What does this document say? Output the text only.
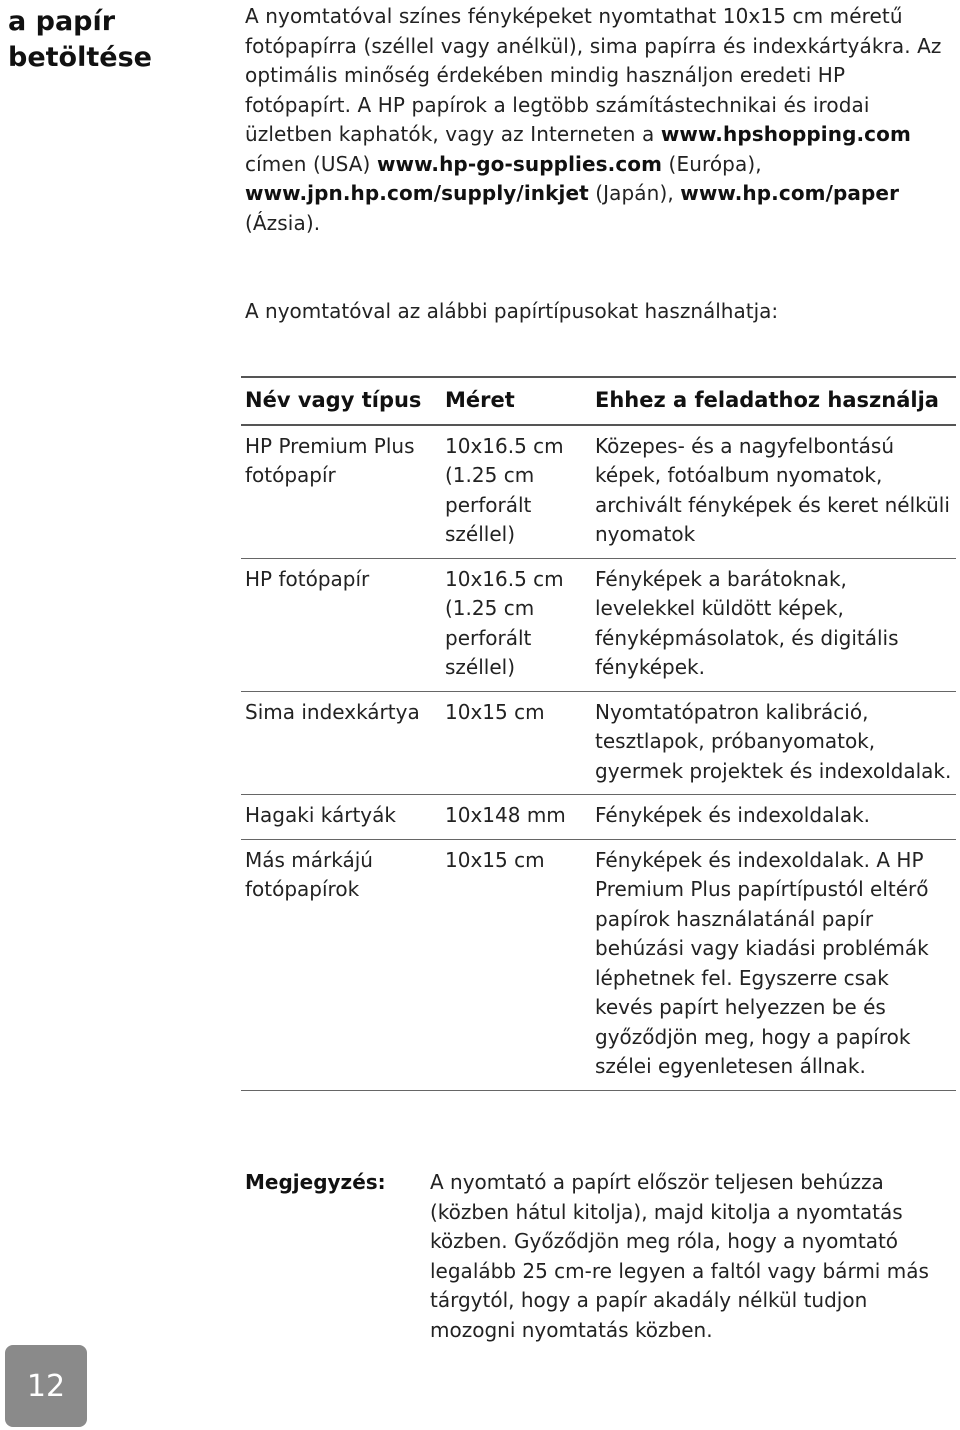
a papír betöltése
A nyomtatóval színes fényképeket nyomtathat 10x15 cm méretű fotópapírra (széllel vagy anélkül), sima papírra és indexkártyákra. Az optimális minőség érdekében mindig használjon eredeti HP fotópapírt. A HP papírok a legtöbb számítástechnikai és irodai üzletben kaphatók, vagy az Interneten a www.hpshopping.com címen (USA) www.hp-go-supplies.com (Európa), www.jpn.hp.com/supply/inkjet (Japán), www.hp.com/paper (Ázsia).
A nyomtatóval az alábbi papírtípusokat használhatja:
Név vagy típus	Méret	Ehhez a feladathoz használja
HP Premium Plus fotópapír	10x16.5 cm (1.25 cm perforált széllel)	Közepes- és a nagyfelbontású képek, fotóalbum nyomatok, archivált fényképek és keret nélküli nyomatok
HP fotópapír	10x16.5 cm (1.25 cm perforált széllel)	Fényképek a barátoknak, levelekkel küldött képek, fényképmásolatok, és digitális fényképek.
Sima indexkártya	10x15 cm	Nyomtatópatron kalibráció, tesztlapok, próbanyomatok, gyermek projektek és indexoldalak.
Hagaki kártyák	10x148 mm	Fényképek és indexoldalak.
Más márkájú fotópapírok	10x15 cm	Fényképek és indexoldalak. A HP Premium Plus papírtípustól eltérő papírok használatánál papír behúzási vagy kiadási problémák léphetnek fel. Egyszerre csak kevés papírt helyezzen be és győződjön meg, hogy a papírok szélei egyenletesen állnak.
Megjegyzés: A nyomtató a papírt először teljesen behúzza (közben hátul kitolja), majd kitolja a nyomtatás közben. Győződjön meg róla, hogy a nyomtató legalább 25 cm-re legyen a faltól vagy bármi más tárgytól, hogy a papír akadály nélkül tudjon mozogni nyomtatás közben.
12
